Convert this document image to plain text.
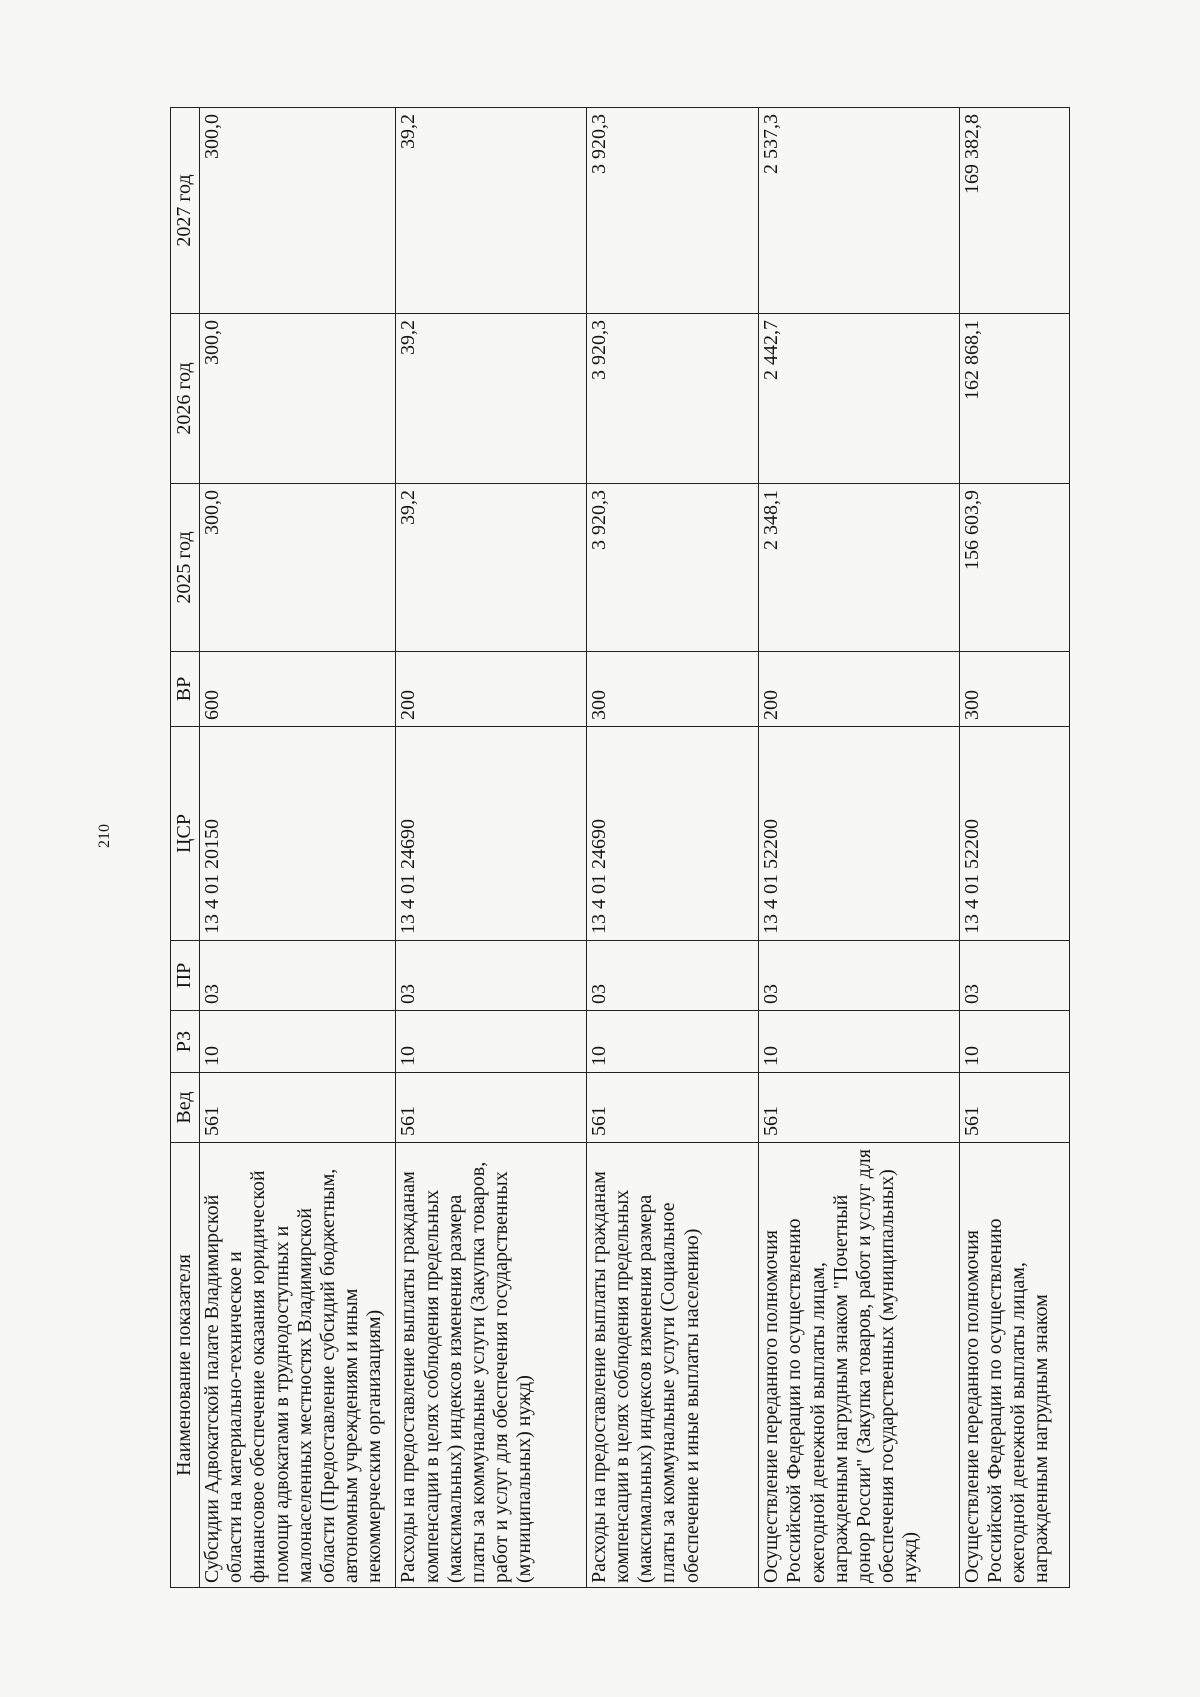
210
Наименование показателя	Вед	РЗ	ПР	ЦСР	ВР	2025 год	2026 год	2027 год
Субсидии Адвокатской палате Владимирской области на материально-техническое и финансовое обеспечение оказания юридической помощи адвокатами в труднодоступных и малонаселенных местностях Владимирской области (Предоставление субсидий бюджетным, автономным учреждениям и иным некоммерческим организациям)	561	10	03	13 4 01 20150	600	300,0	300,0	300,0
Расходы на предоставление выплаты гражданам компенсации в целях соблюдения предельных (максимальных) индексов изменения размера платы за коммунальные услуги (Закупка товаров, работ и услуг для обеспечения государственных (муниципальных) нужд)	561	10	03	13 4 01 24690	200	39,2	39,2	39,2
Расходы на предоставление выплаты гражданам компенсации в целях соблюдения предельных (максимальных) индексов изменения размера платы за коммунальные услуги (Социальное обеспечение и иные выплаты населению)	561	10	03	13 4 01 24690	300	3 920,3	3 920,3	3 920,3
Осуществление переданного полномочия Российской Федерации по осуществлению ежегодной денежной выплаты лицам, награжденным нагрудным знаком "Почетный донор России" (Закупка товаров, работ и услуг для обеспечения государственных (муниципальных) нужд)	561	10	03	13 4 01 52200	200	2 348,1	2 442,7	2 537,3
Осуществление переданного полномочия Российской Федерации по осуществлению ежегодной денежной выплаты лицам, награжденным нагрудным знаком	561	10	03	13 4 01 52200	300	156 603,9	162 868,1	169 382,8
